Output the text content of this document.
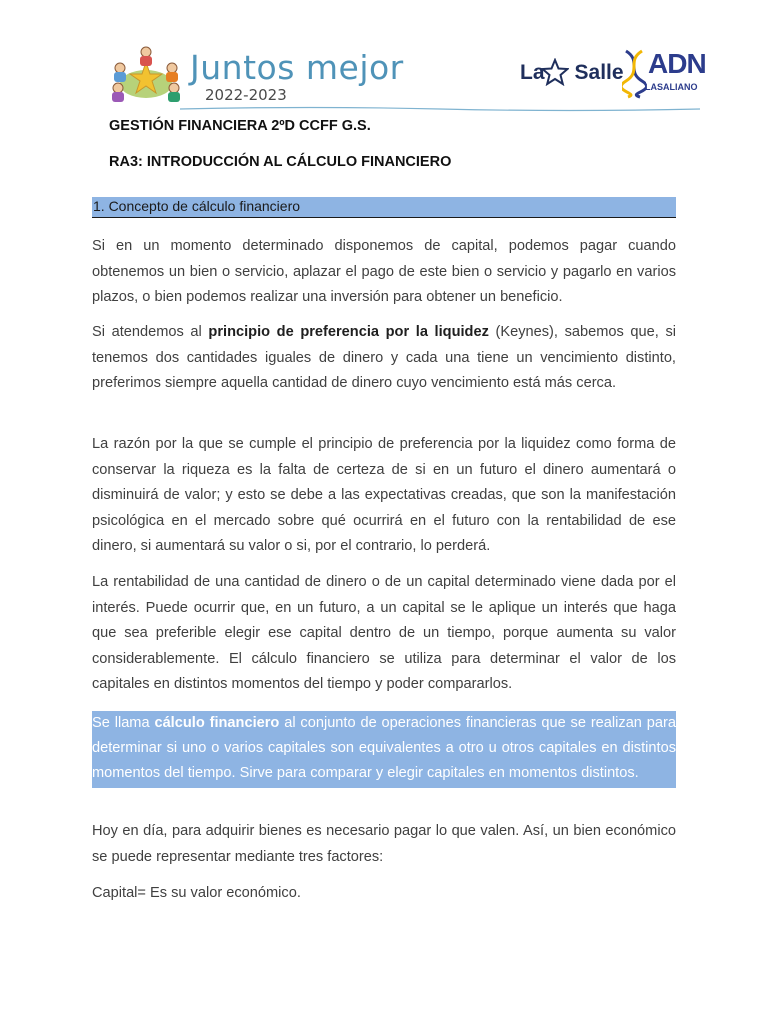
Juntos mejor
2022-2023
La Salle ADN
LASALIANO
GESTIÓN FINANCIERA 2ºD CCFF G.S.
RA3: INTRODUCCIÓN AL CÁLCULO FINANCIERO
1. Concepto de cálculo financiero

Si en un momento determinado disponemos de capital, podemos pagar cuando obtenemos un bien o servicio, aplazar el pago de este bien o servicio y pagarlo en varios plazos, o bien podemos realizar una inversión para obtener un beneficio.

Si atendemos al principio de preferencia por la liquidez (Keynes), sabemos que, si tenemos dos cantidades iguales de dinero y cada una tiene un vencimiento distinto, preferimos siempre aquella cantidad de dinero cuyo vencimiento está más cerca.

La razón por la que se cumple el principio de preferencia por la liquidez como forma de conservar la riqueza es la falta de certeza de si en un futuro el dinero aumentará o disminuirá de valor; y esto se debe a las expectativas creadas, que son la manifestación psicológica en el mercado sobre qué ocurrirá en el futuro con la rentabilidad de ese dinero, si aumentará su valor o si, por el contrario, lo perderá.

La rentabilidad de una cantidad de dinero o de un capital determinado viene dada por el interés. Puede ocurrir que, en un futuro, a un capital se le aplique un interés que haga que sea preferible elegir ese capital dentro de un tiempo, porque aumenta su valor considerablemente. El cálculo financiero se utiliza para determinar el valor de los capitales en distintos momentos del tiempo y poder compararlos.

Se llama cálculo financiero al conjunto de operaciones financieras que se realizan para determinar si uno o varios capitales son equivalentes a otro u otros capitales en distintos momentos del tiempo. Sirve para comparar y elegir capitales en momentos distintos.

Hoy en día, para adquirir bienes es necesario pagar lo que valen. Así, un bien económico se puede representar mediante tres factores:

Capital= Es su valor económico.
